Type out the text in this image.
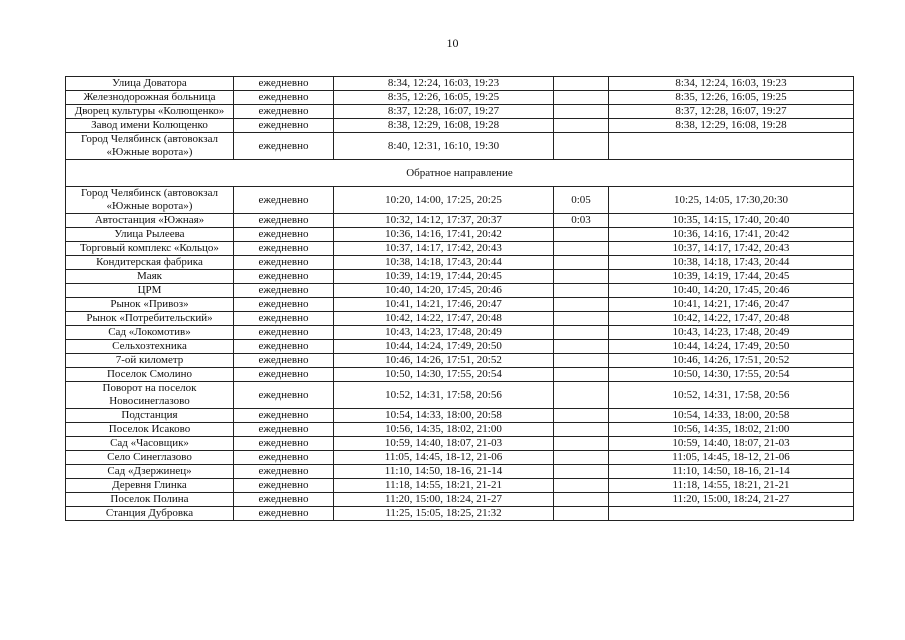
10
Улица Доватора	ежедневно	8:34, 12:24, 16:03, 19:23		8:34, 12:24, 16:03, 19:23
Железнодорожная больница	ежедневно	8:35, 12:26, 16:05, 19:25		8:35, 12:26, 16:05, 19:25
Дворец культуры «Колющенко»	ежедневно	8:37, 12:28, 16:07, 19:27		8:37, 12:28, 16:07, 19:27
Завод имени Колющенко	ежедневно	8:38, 12:29, 16:08, 19:28		8:38, 12:29, 16:08, 19:28
Город Челябинск (автовокзал «Южные ворота»)	ежедневно	8:40, 12:31, 16:10, 19:30		
Обратное направление				
Город Челябинск (автовокзал «Южные ворота»)	ежедневно	10:20, 14:00, 17:25, 20:25	0:05	10:25, 14:05, 17:30,20:30
Автостанция «Южная»	ежедневно	10:32, 14:12, 17:37, 20:37	0:03	10:35, 14:15, 17:40, 20:40
Улица Рылеева	ежедневно	10:36, 14:16, 17:41, 20:42		10:36, 14:16, 17:41, 20:42
Торговый комплекс «Кольцо»	ежедневно	10:37, 14:17, 17:42, 20:43		10:37, 14:17, 17:42, 20:43
Кондитерская фабрика	ежедневно	10:38, 14:18, 17:43, 20:44		10:38, 14:18, 17:43, 20:44
Маяк	ежедневно	10:39, 14:19, 17:44, 20:45		10:39, 14:19, 17:44, 20:45
ЦРМ	ежедневно	10:40, 14:20, 17:45, 20:46		10:40, 14:20, 17:45, 20:46
Рынок «Привоз»	ежедневно	10:41, 14:21, 17:46, 20:47		10:41, 14:21, 17:46, 20:47
Рынок «Потребительский»	ежедневно	10:42, 14:22, 17:47, 20:48		10:42, 14:22, 17:47, 20:48
Сад «Локомотив»	ежедневно	10:43, 14:23, 17:48, 20:49		10:43, 14:23, 17:48, 20:49
Сельхозтехника	ежедневно	10:44, 14:24, 17:49, 20:50		10:44, 14:24, 17:49, 20:50
7-ой километр	ежедневно	10:46, 14:26, 17:51, 20:52		10:46, 14:26, 17:51, 20:52
Поселок Смолино	ежедневно	10:50, 14:30, 17:55, 20:54		10:50, 14:30, 17:55, 20:54
Поворот на поселок Новосинеглазово	ежедневно	10:52, 14:31, 17:58, 20:56		10:52, 14:31, 17:58, 20:56
Подстанция	ежедневно	10:54, 14:33, 18:00, 20:58		10:54, 14:33, 18:00, 20:58
Поселок Исаково	ежедневно	10:56, 14:35, 18:02, 21:00		10:56, 14:35, 18:02, 21:00
Сад «Часовщик»	ежедневно	10:59, 14:40, 18:07, 21-03		10:59, 14:40, 18:07, 21-03
Село Синеглазово	ежедневно	11:05, 14:45, 18-12, 21-06		11:05, 14:45, 18-12, 21-06
Сад «Дзержинец»	ежедневно	11:10, 14:50, 18-16, 21-14		11:10, 14:50, 18-16, 21-14
Деревня Глинка	ежедневно	11:18, 14:55, 18:21, 21-21		11:18, 14:55, 18:21, 21-21
Поселок Полина	ежедневно	11:20, 15:00, 18:24, 21-27		11:20, 15:00, 18:24, 21-27
Станция Дубровка	ежедневно	11:25, 15:05, 18:25, 21:32		
